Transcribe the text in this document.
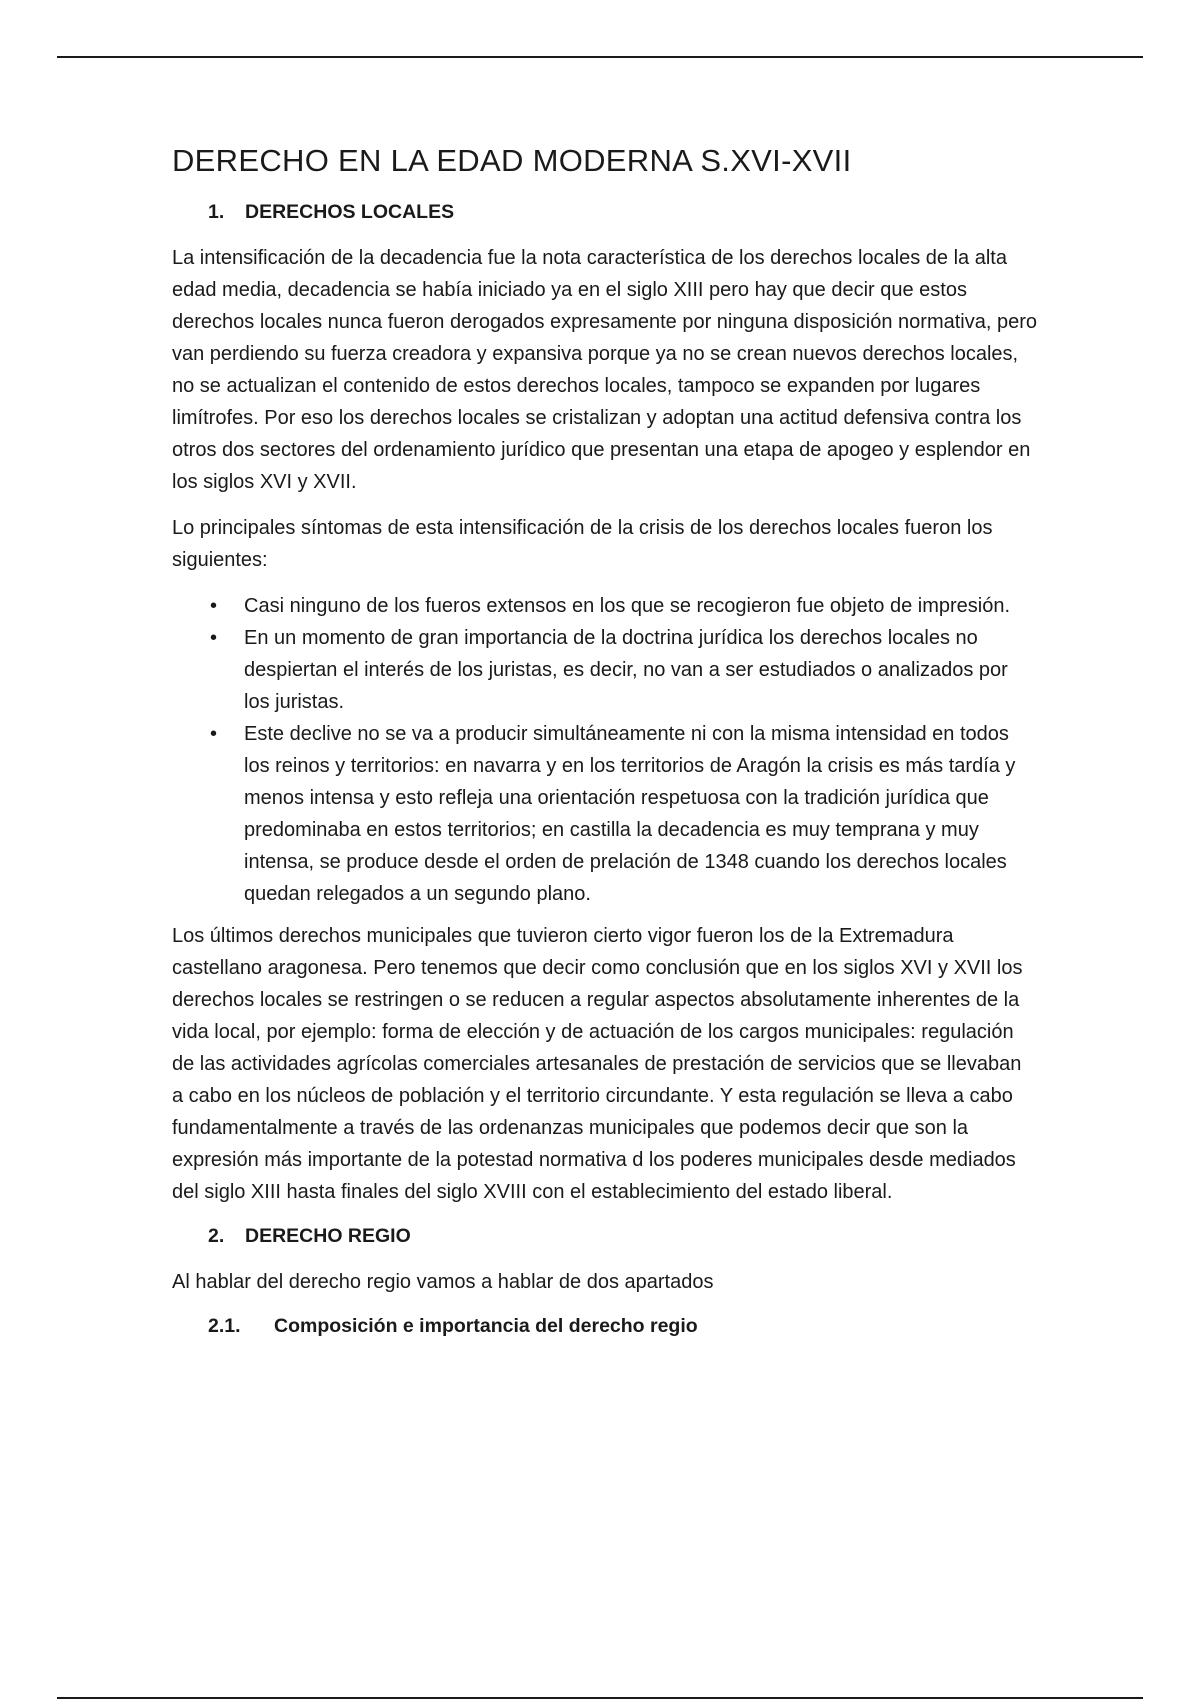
DERECHO EN LA EDAD MODERNA S.XVI-XVII
1.	DERECHOS LOCALES

La intensificación de la decadencia fue la nota característica de los derechos locales de la alta edad media, decadencia se había iniciado ya en el siglo XIII pero hay que decir que estos derechos locales nunca fueron derogados expresamente por ninguna disposición normativa, pero van perdiendo su fuerza creadora y expansiva porque ya no se crean nuevos derechos locales, no se actualizan el contenido de estos derechos locales, tampoco se expanden por lugares limítrofes. Por eso los derechos locales se cristalizan y adoptan una actitud defensiva contra los otros dos sectores del ordenamiento jurídico que presentan una etapa de apogeo y esplendor en los siglos XVI y XVII.

Lo principales síntomas de esta intensificación de la crisis de los derechos locales fueron los siguientes:

• Casi ninguno de los fueros extensos en los que se recogieron fue objeto de impresión.
• En un momento de gran importancia de la doctrina jurídica los derechos locales no despiertan el interés de los juristas, es decir, no van a ser estudiados o analizados por los juristas.
• Este declive no se va a producir simultáneamente ni con la misma intensidad en todos los reinos y territorios: en navarra y en los territorios de Aragón la crisis es más tardía y menos intensa y esto refleja una orientación respetuosa con la tradición jurídica que predominaba en estos territorios; en castilla la decadencia es muy temprana y muy intensa, se produce desde el orden de prelación de 1348 cuando los derechos locales quedan relegados a un segundo plano.

Los últimos derechos municipales que tuvieron cierto vigor fueron los de la Extremadura castellano aragonesa. Pero tenemos que decir como conclusión que en los siglos XVI y XVII los derechos locales se restringen o se reducen a regular aspectos absolutamente inherentes de la vida local, por ejemplo: forma de elección y de actuación de los cargos municipales: regulación de las actividades agrícolas comerciales artesanales de prestación de servicios que se llevaban a cabo en los núcleos de población y el territorio circundante. Y esta regulación se lleva a cabo fundamentalmente a través de las ordenanzas municipales que podemos decir que son la expresión más importante de la potestad normativa d los poderes municipales desde mediados del siglo XIII hasta finales del siglo XVIII con el establecimiento del estado liberal.

2.	DERECHO REGIO

Al hablar del derecho regio vamos a hablar de dos apartados

2.1.	Composición e importancia del derecho regio
